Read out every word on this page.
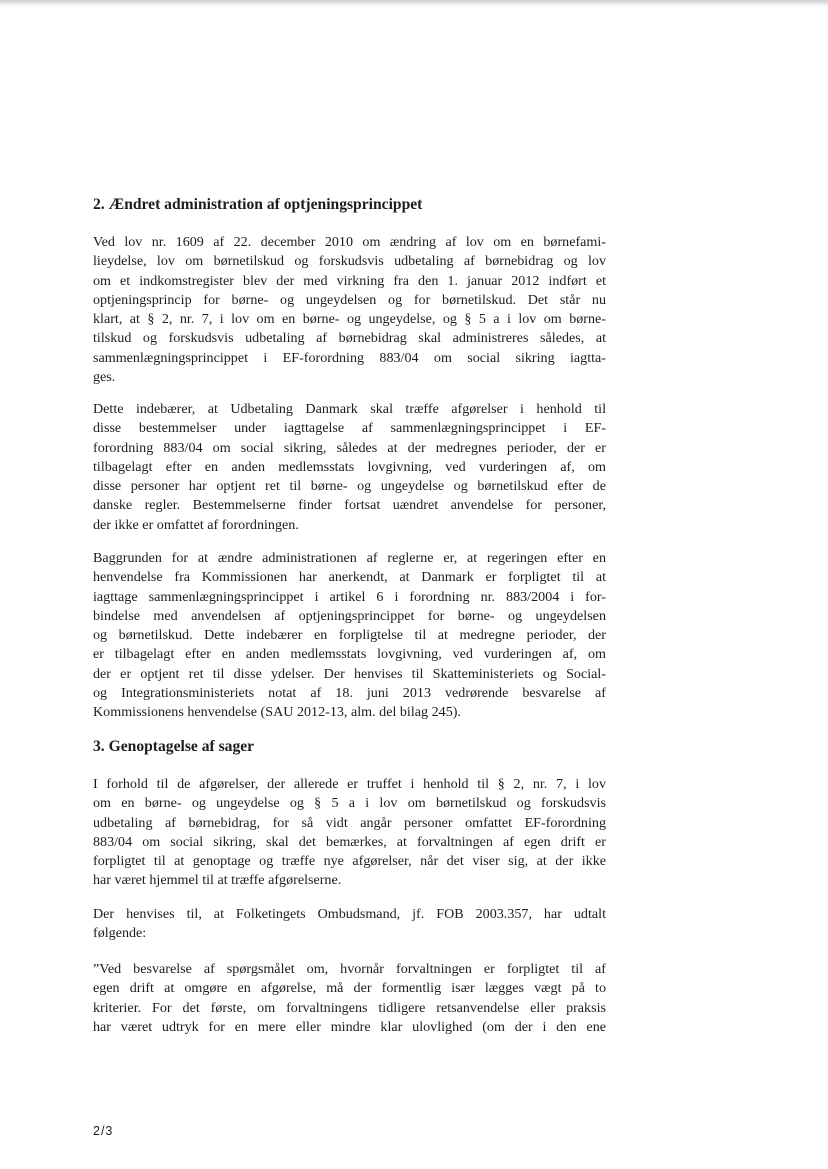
2. Ændret administration af optjeningsprincippet
Ved lov nr. 1609 af 22. december 2010 om ændring af lov om en børnefami-
lieydelse, lov om børnetilskud og forskudsvis udbetaling af børnebidrag og lov
om et indkomstregister blev der med virkning fra den 1. januar 2012 indført et
optjeningsprincip for børne- og ungeydelsen og for børnetilskud. Det står nu
klart, at § 2, nr. 7, i lov om en børne- og ungeydelse, og § 5 a i lov om børne-
tilskud og forskudsvis udbetaling af børnebidrag skal administreres således, at
sammenlægningsprincippet i EF-forordning 883/04 om social sikring iagtta-
ges.
Dette indebærer, at Udbetaling Danmark skal træffe afgørelser i henhold til
disse bestemmelser under iagttagelse af sammenlægningsprincippet i EF-
forordning 883/04 om social sikring, således at der medregnes perioder, der er
tilbagelagt efter en anden medlemsstats lovgivning, ved vurderingen af, om
disse personer har optjent ret til børne- og ungeydelse og børnetilskud efter de
danske regler. Bestemmelserne finder fortsat uændret anvendelse for personer,
der ikke er omfattet af forordningen.
Baggrunden for at ændre administrationen af reglerne er, at regeringen efter en
henvendelse fra Kommissionen har anerkendt, at Danmark er forpligtet til at
iagttage sammenlægningsprincippet i artikel 6 i forordning nr. 883/2004 i for-
bindelse med anvendelsen af optjeningsprincippet for børne- og ungeydelsen
og børnetilskud. Dette indebærer en forpligtelse til at medregne perioder, der
er tilbagelagt efter en anden medlemsstats lovgivning, ved vurderingen af, om
der er optjent ret til disse ydelser. Der henvises til Skatteministeriets og Social-
og Integrationsministeriets notat af 18. juni 2013 vedrørende besvarelse af
Kommissionens henvendelse (SAU 2012-13, alm. del bilag 245).
3. Genoptagelse af sager
I forhold til de afgørelser, der allerede er truffet i henhold til § 2, nr. 7, i lov
om en børne- og ungeydelse og § 5 a i lov om børnetilskud og forskudsvis
udbetaling af børnebidrag, for så vidt angår personer omfattet EF-forordning
883/04 om social sikring, skal det bemærkes, at forvaltningen af egen drift er
forpligtet til at genoptage og træffe nye afgørelser, når det viser sig, at der ikke
har været hjemmel til at træffe afgørelserne.
Der henvises til, at Folketingets Ombudsmand, jf. FOB 2003.357, har udtalt
følgende:
”Ved besvarelse af spørgsmålet om, hvornår forvaltningen er forpligtet til af
egen drift at omgøre en afgørelse, må der formentlig især lægges vægt på to
kriterier. For det første, om forvaltningens tidligere retsanvendelse eller praksis
har været udtryk for en mere eller mindre klar ulovlighed (om der i den ene
2/3
